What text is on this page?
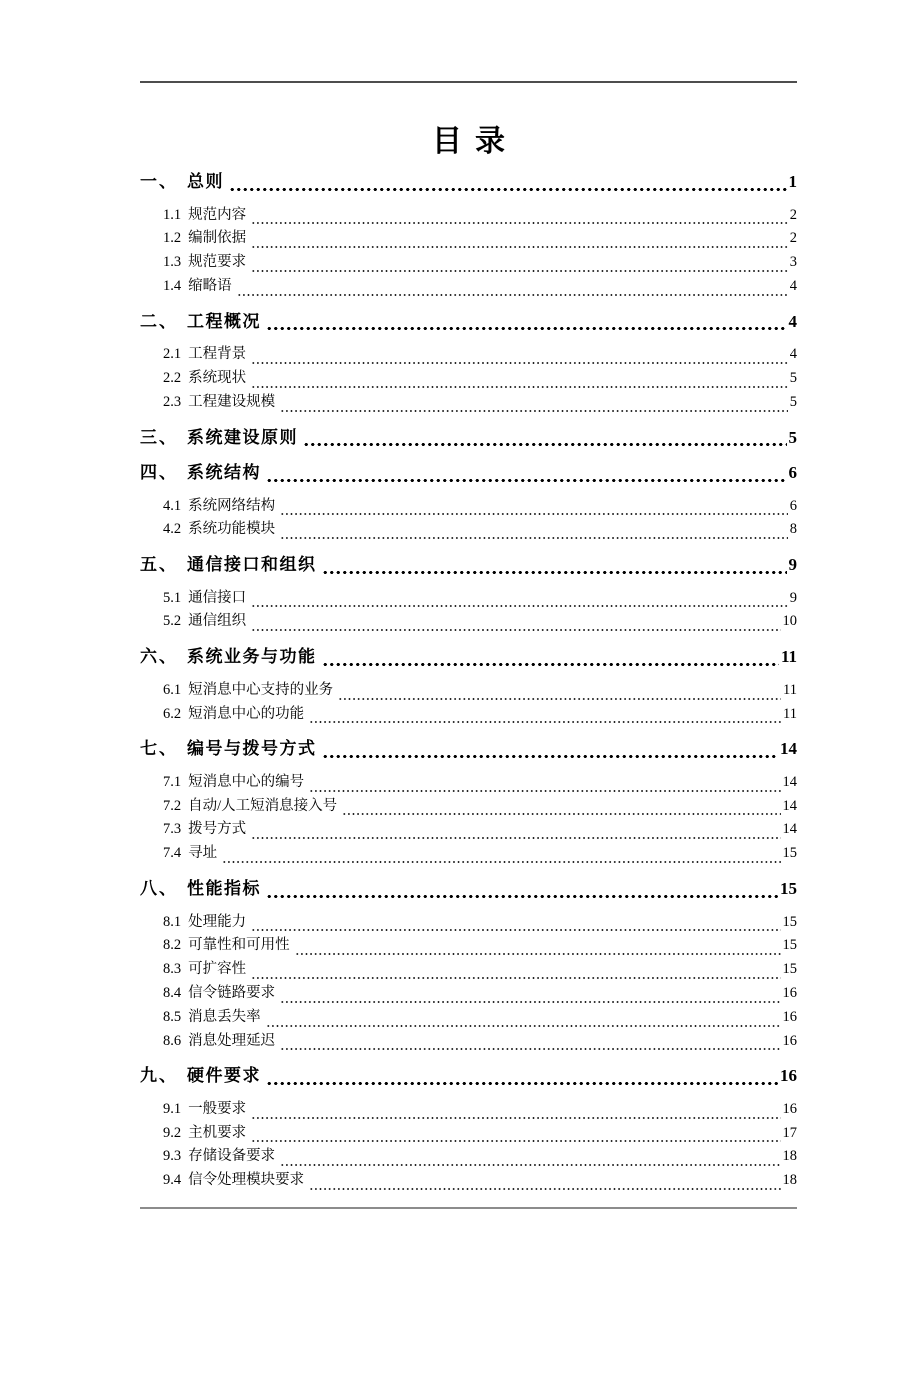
目录
一、 总则	1
1.1 规范内容	2
1.2 编制依据	2
1.3 规范要求	3
1.4 缩略语	4
二、 工程概况	4
2.1 工程背景	4
2.2 系统现状	5
2.3 工程建设规模	5
三、 系统建设原则	5
四、 系统结构	6
4.1 系统网络结构	6
4.2 系统功能模块	8
五、 通信接口和组织	9
5.1 通信接口	9
5.2 通信组织	10
六、 系统业务与功能	11
6.1 短消息中心支持的业务	11
6.2 短消息中心的功能	11
七、 编号与拨号方式	14
7.1 短消息中心的编号	14
7.2 自动/人工短消息接入号	14
7.3 拨号方式	14
7.4 寻址	15
八、 性能指标	15
8.1 处理能力	15
8.2 可靠性和可用性	15
8.3 可扩容性	15
8.4 信令链路要求	16
8.5 消息丢失率	16
8.6 消息处理延迟	16
九、 硬件要求	16
9.1 一般要求	16
9.2 主机要求	17
9.3 存储设备要求	18
9.4 信令处理模块要求	18
